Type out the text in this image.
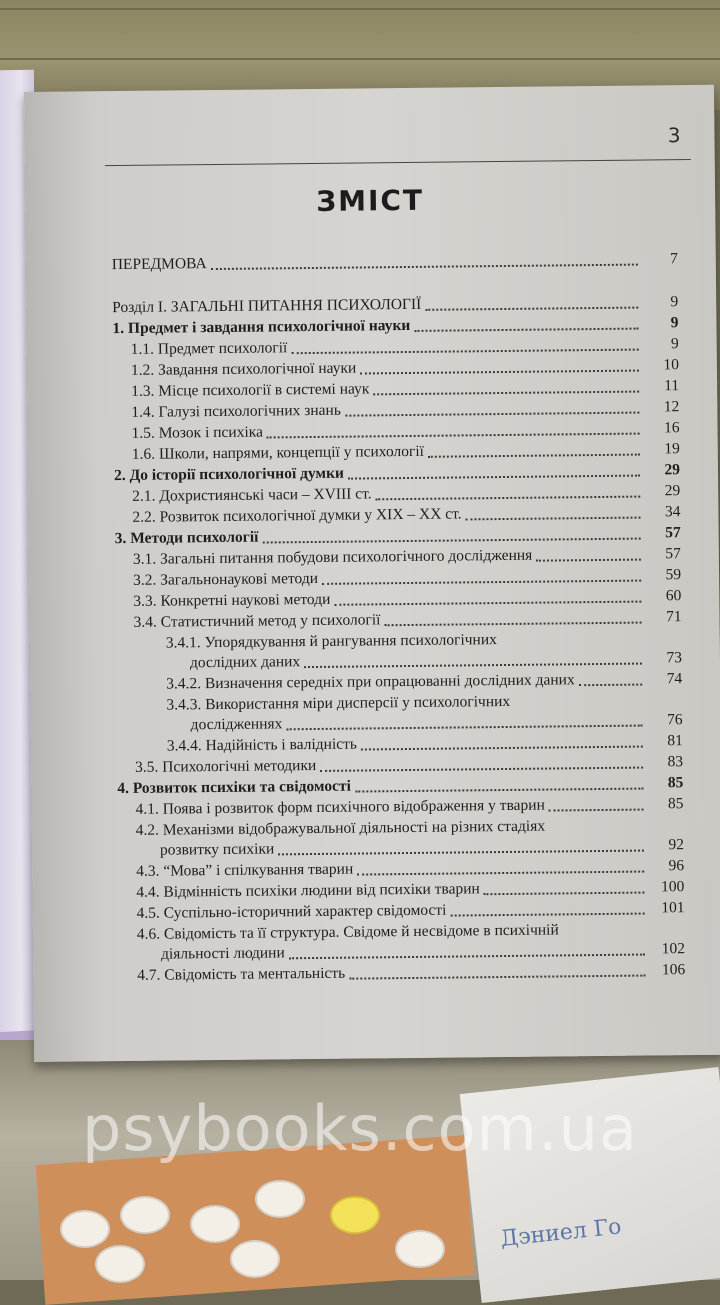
Дэниел Го
3
ЗМІСТ
ПЕРЕДМОВА	7
Розділ I. ЗАГАЛЬНІ ПИТАННЯ ПСИХОЛОГІЇ	9
1. Предмет і завдання психологічної науки	9
1.1. Предмет психології	9
1.2. Завдання психологічної науки	10
1.3. Місце психології в системі наук	11
1.4. Галузі психологічних знань	12
1.5. Мозок і психіка	16
1.6. Школи, напрями, концепції у психології	19
2. До історії психологічної думки	29
2.1. Дохристиянські часи – XVIII ст.	29
2.2. Розвиток психологічної думки у XIX – XX ст.	34
3. Методи психології	57
3.1. Загальні питання побудови психологічного дослідження	57
3.2. Загальнонаукові методи	59
3.3. Конкретні наукові методи	60
3.4. Статистичний метод у психології	71
3.4.1. Упорядкування й рангування психологічних
дослідних даних	73
3.4.2. Визначення середніх при опрацюванні дослідних даних	74
3.4.3. Використання міри дисперсії у психологічних
дослідженнях	76
3.4.4. Надійність і валідність	81
3.5. Психологічні методики	83
4. Розвиток психіки та свідомості	85
4.1. Поява і розвиток форм психічного відображення у тварин	85
4.2. Механізми відображувальної діяльності на різних стадіях
розвитку психіки	92
4.3. “Мова” і спілкування тварин	96
4.4. Відмінність психіки людини від психіки тварин	100
4.5. Суспільно-історичний характер свідомості	101
4.6. Свідомість та її структура. Свідоме й несвідоме в психічній
діяльності людини	102
4.7. Свідомість та ментальність	106
psybooks.com.ua
